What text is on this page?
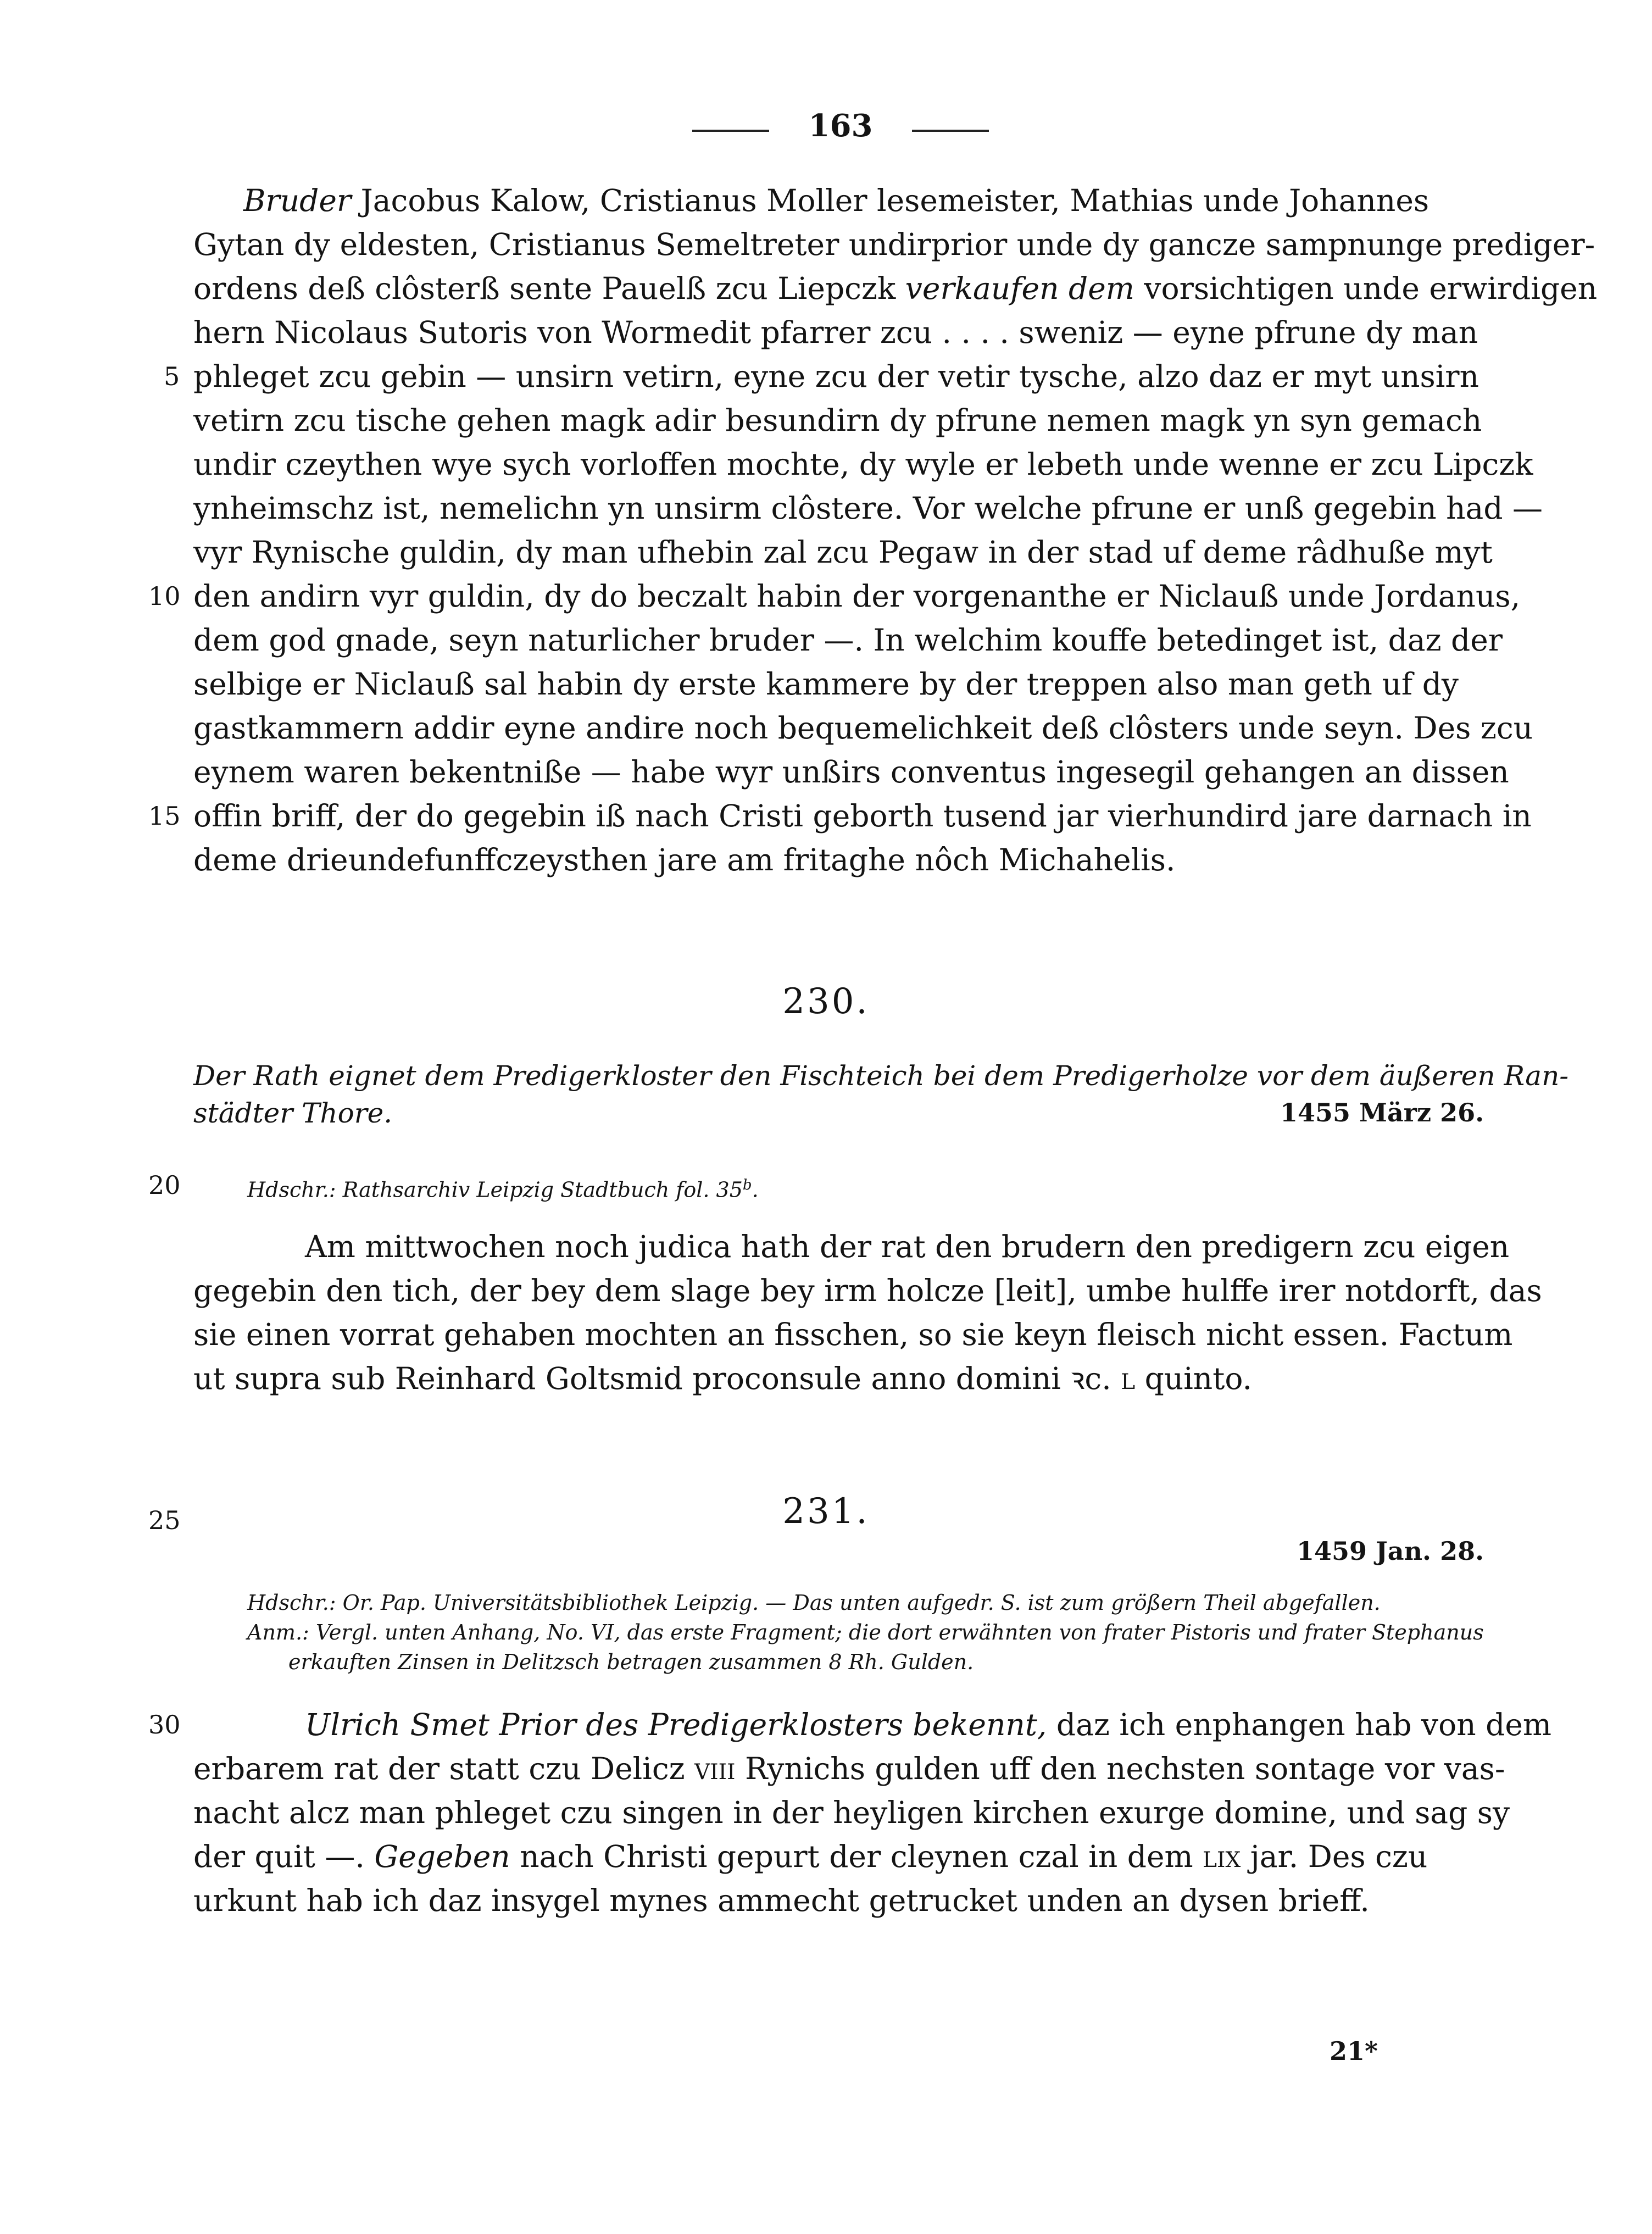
163
Bruder Jacobus Kalow, Cristianus Moller lesemeister, Mathias unde Johannes
Gytan dy eldesten, Cristianus Semeltreter undirprior unde dy gancze sampnunge prediger-
ordens deß clôsterß sente Pauelß zcu Liepczk verkaufen dem vorsichtigen unde erwirdigen
hern Nicolaus Sutoris von Wormedit pfarrer zcu . . . . sweniz — eyne pfrune dy man
5 phleget zcu gebin — unsirn vetirn, eyne zcu der vetir tysche, alzo daz er myt unsirn
vetirn zcu tische gehen magk adir besundirn dy pfrune nemen magk yn syn gemach
undir czeythen wye sych vorloffen mochte, dy wyle er lebeth unde wenne er zcu Lipczk
ynheimschz ist, nemelichn yn unsirm clôstere. Vor welche pfrune er unß gegebin had —
vyr Rynische guldin, dy man ufhebin zal zcu Pegaw in der stad uf deme râdhuße myt
10 den andirn vyr guldin, dy do beczalt habin der vorgenanthe er Niclauß unde Jordanus,
dem god gnade, seyn naturlicher bruder —. In welchim kouffe betedinget ist, daz der
selbige er Niclauß sal habin dy erste kammere by der treppen also man geth uf dy
gastkammern addir eyne andire noch bequemelichkeit deß clôsters unde seyn. Des zcu
eynem waren bekentniße — habe wyr unßirs conventus ingesegil gehangen an dissen
15 offin briff, der do gegebin iß nach Cristi geborth tusend jar vierhundird jare darnach in
deme drieundefunffczeysthen jare am fritaghe nôch Michahelis.
230.
Der Rath eignet dem Predigerkloster den Fischteich bei dem Predigerholze vor dem äußeren Ran-
städter Thore.	1455 März 26.
20	Hdschr.: Rathsarchiv Leipzig Stadtbuch fol. 35$^b$.
Am mittwochen noch judica hath der rat den brudern den predigern zcu eigen
gegebin den tich, der bey dem slage bey irm holcze [leit], umbe hulffe irer notdorft, das
sie einen vorrat gehaben mochten an fisschen, so sie keyn fleisch nicht essen. Factum
ut supra sub Reinhard Goltsmid proconsule anno domini ꝛc. l quinto.
25	231.
1459 Jan. 28.
Hdschr.: Or. Pap. Universitätsbibliothek Leipzig. — Das unten aufgedr. S. ist zum größern Theil abgefallen.
Anm.: Vergl. unten Anhang, No. VI, das erste Fragment; die dort erwähnten von frater Pistoris und frater Stephanus
erkauften Zinsen in Delitzsch betragen zusammen 8 Rh. Gulden.
30	Ulrich Smet Prior des Predigerklosters bekennt, daz ich enphangen hab von dem
erbarem rat der statt czu Delicz viii Rynichs gulden uff den nechsten sontage vor vas-
nacht alcz man phleget czu singen in der heyligen kirchen exurge domine, und sag sy
der quit —. Gegeben nach Christi gepurt der cleynen czal in dem lix jar. Des czu
urkunt hab ich daz insygel mynes ammecht getrucket unden an dysen brieff.
21*
